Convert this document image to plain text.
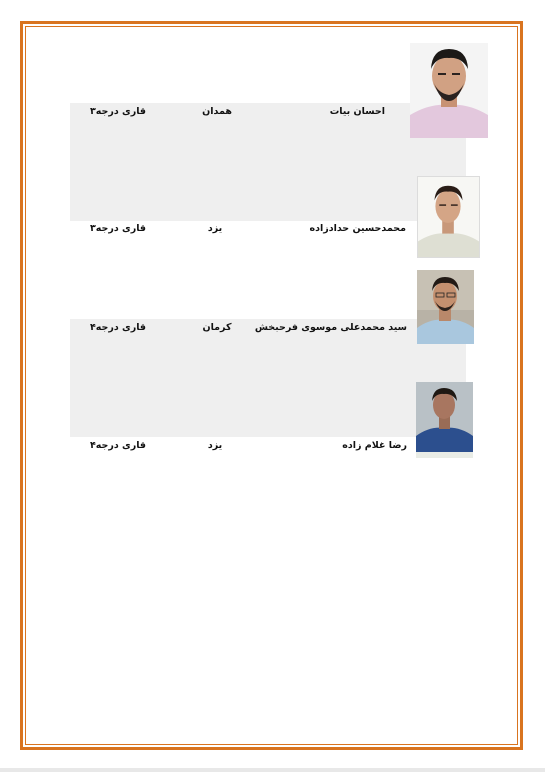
احسان بیات
همدان
قاری درجه۳
محمدحسین حدادزاده
یزد
قاری درجه۳
سید محمدعلی موسوی فرحبخش
کرمان
قاری درجه۴
رضا غلام زاده
یزد
قاری درجه۴
